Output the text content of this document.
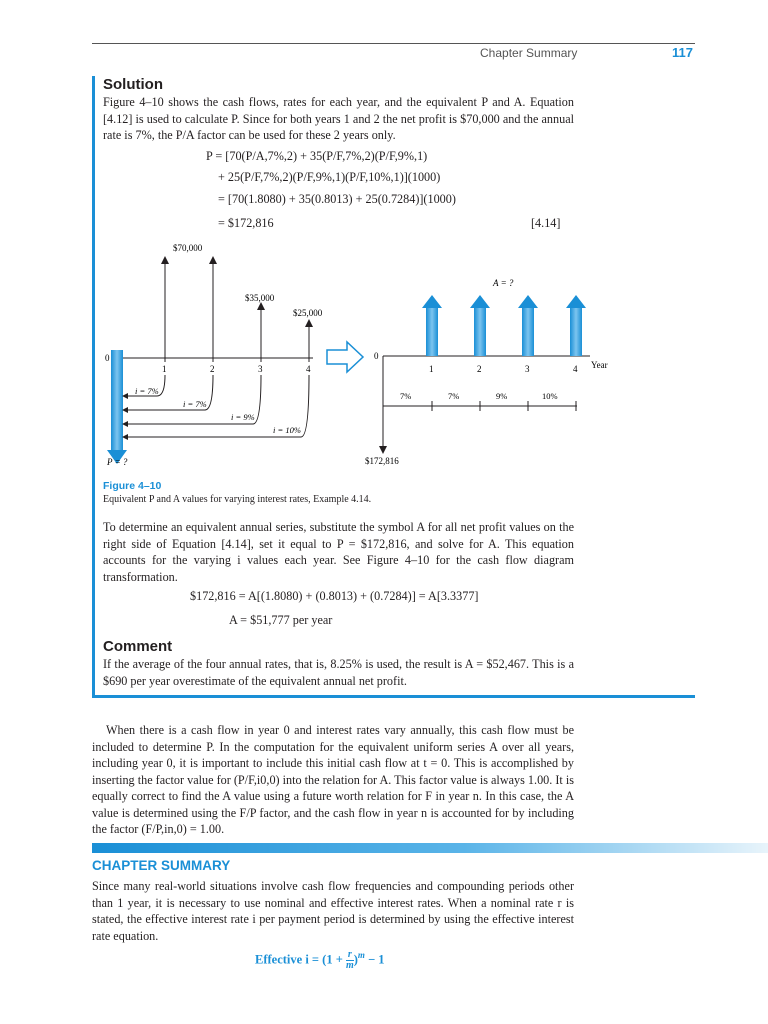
Chapter Summary	117
Solution
Figure 4–10 shows the cash flows, rates for each year, and the equivalent P and A. Equation [4.12] is used to calculate P. Since for both years 1 and 2 the net profit is $70,000 and the annual rate is 7%, the P/A factor can be used for these 2 years only.
P = [70(P/A,7%,2) + 35(P/F,7%,2)(P/F,9%,1)
+ 25(P/F,7%,2)(P/F,9%,1)(P/F,10%,1)](1000)
= [70(1.8080) + 35(0.8013) + 25(0.7284)](1000)
= $172,816	[4.14]
0
1	2	3	4
$70,000
$35,000
$25,000
P = ?
i = 7%
i = 7%
i = 9%
i = 10%
0
1	2	3	4 Year
A = ?
$172,816
7%	7%	9%	10%
Figure 4–10
Equivalent P and A values for varying interest rates, Example 4.14.
To determine an equivalent annual series, substitute the symbol A for all net profit values on the right side of Equation [4.14], set it equal to P = $172,816, and solve for A. This equation accounts for the varying i values each year. See Figure 4–10 for the cash flow diagram transformation.
$172,816 = A[(1.8080) + (0.8013) + (0.7284)] = A[3.3377]
A = $51,777 per year
Comment
If the average of the four annual rates, that is, 8.25% is used, the result is A = $52,467. This is a $690 per year overestimate of the equivalent annual net profit.
When there is a cash flow in year 0 and interest rates vary annually, this cash flow must be included to determine P. In the computation for the equivalent uniform series A over all years, including year 0, it is important to include this initial cash flow at t = 0. This is accomplished by inserting the factor value for (P/F,i0,0) into the relation for A. This factor value is always 1.00. It is equally correct to find the A value using a future worth relation for F in year n. In this case, the A value is determined using the F/P factor, and the cash flow in year n is accounted for by including the factor (F/P,in,0) = 1.00.
CHAPTER SUMMARY
Since many real-world situations involve cash flow frequencies and compounding periods other than 1 year, it is necessary to use nominal and effective interest rates. When a nominal rate r is stated, the effective interest rate i per payment period is determined by using the effective interest rate equation.
Effective $i = (1 + \frac{r}{m} )^m - 1$
